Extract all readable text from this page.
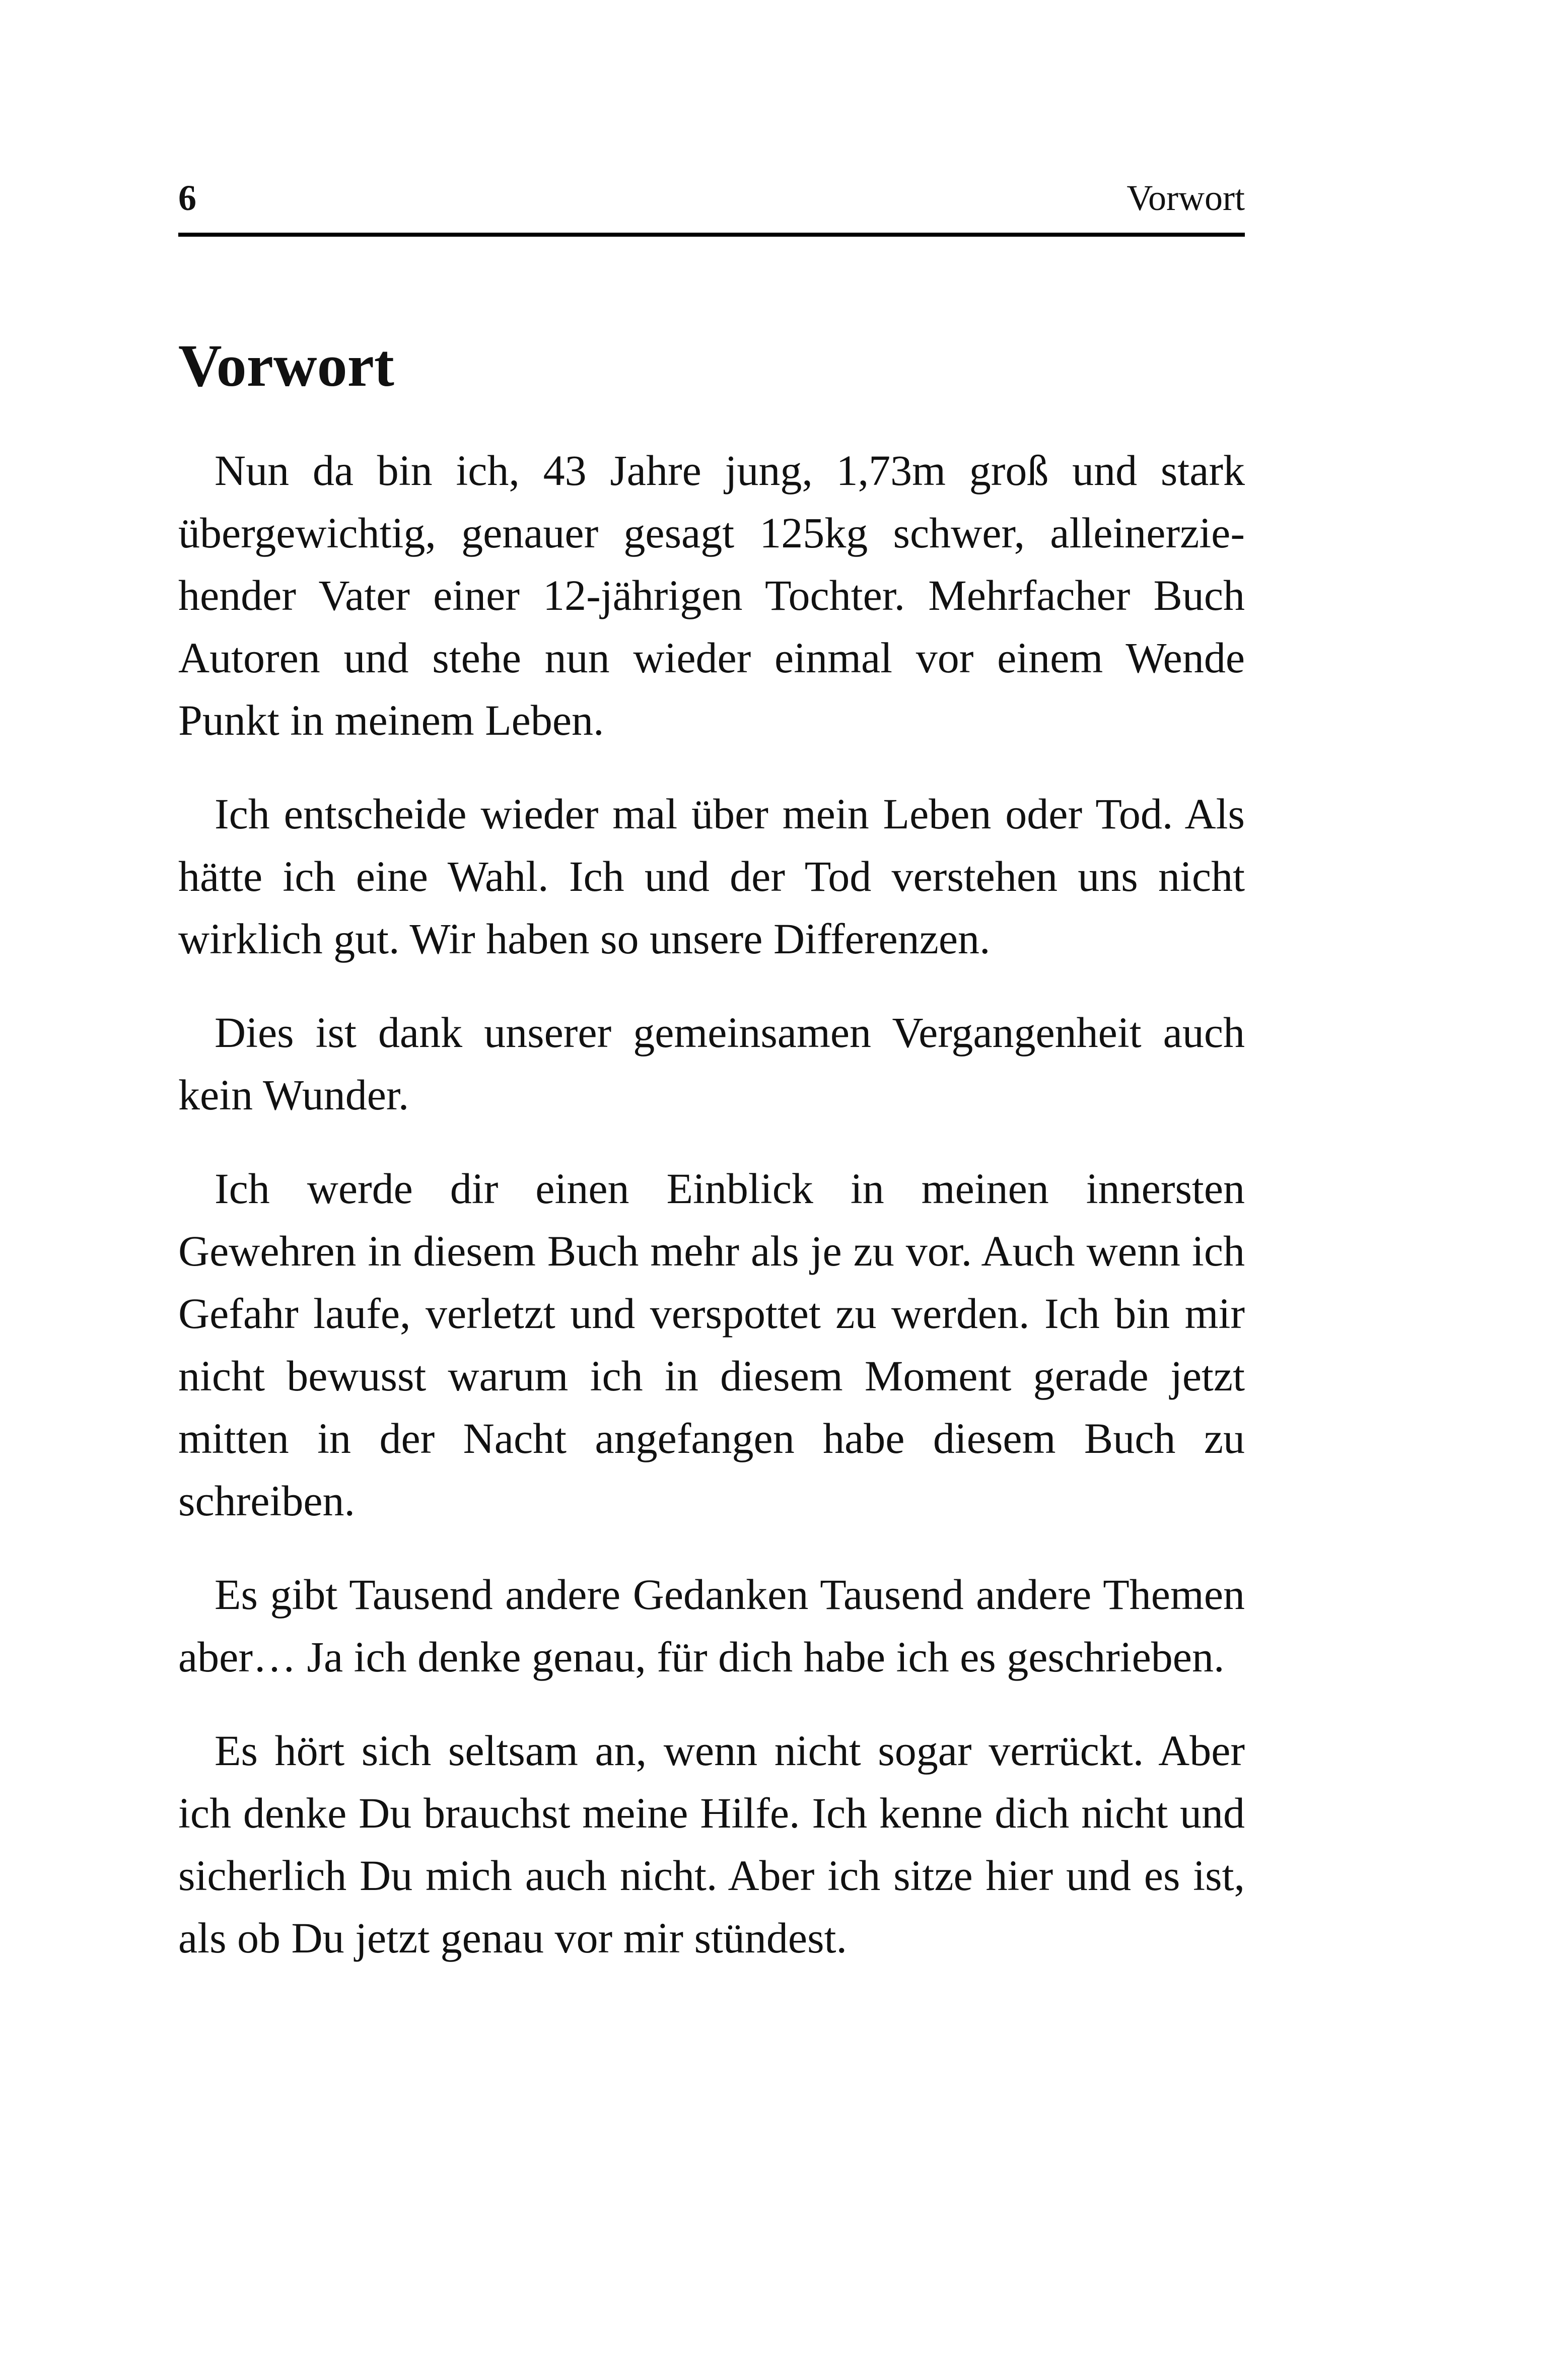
6	Vorwort
Vorwort

Nun da bin ich, 43 Jahre jung, 1,73m groß und stark übergewichtig, genauer gesagt 125kg schwer, alleinerziehender Vater einer 12-jährigen Tochter. Mehrfacher Buch Autoren und stehe nun wieder einmal vor einem Wende Punkt in meinem Leben.

Ich entscheide wieder mal über mein Leben oder Tod. Als hätte ich eine Wahl. Ich und der Tod verstehen uns nicht wirklich gut. Wir haben so unsere Differenzen.

Dies ist dank unserer gemeinsamen Vergangenheit auch kein Wunder.

Ich werde dir einen Einblick in meinen innersten Gewehren in diesem Buch mehr als je zu vor. Auch wenn ich Gefahr laufe, verletzt und verspottet zu werden. Ich bin mir nicht bewusst warum ich in diesem Moment gerade jetzt mitten in der Nacht angefangen habe diesem Buch zu schreiben.

Es gibt Tausend andere Gedanken Tausend andere Themen aber… Ja ich denke genau, für dich habe ich es geschrieben.

Es hört sich seltsam an, wenn nicht sogar verrückt. Aber ich denke Du brauchst meine Hilfe. Ich kenne dich nicht und sicherlich Du mich auch nicht. Aber ich sitze hier und es ist, als ob Du jetzt genau vor mir stündest.
